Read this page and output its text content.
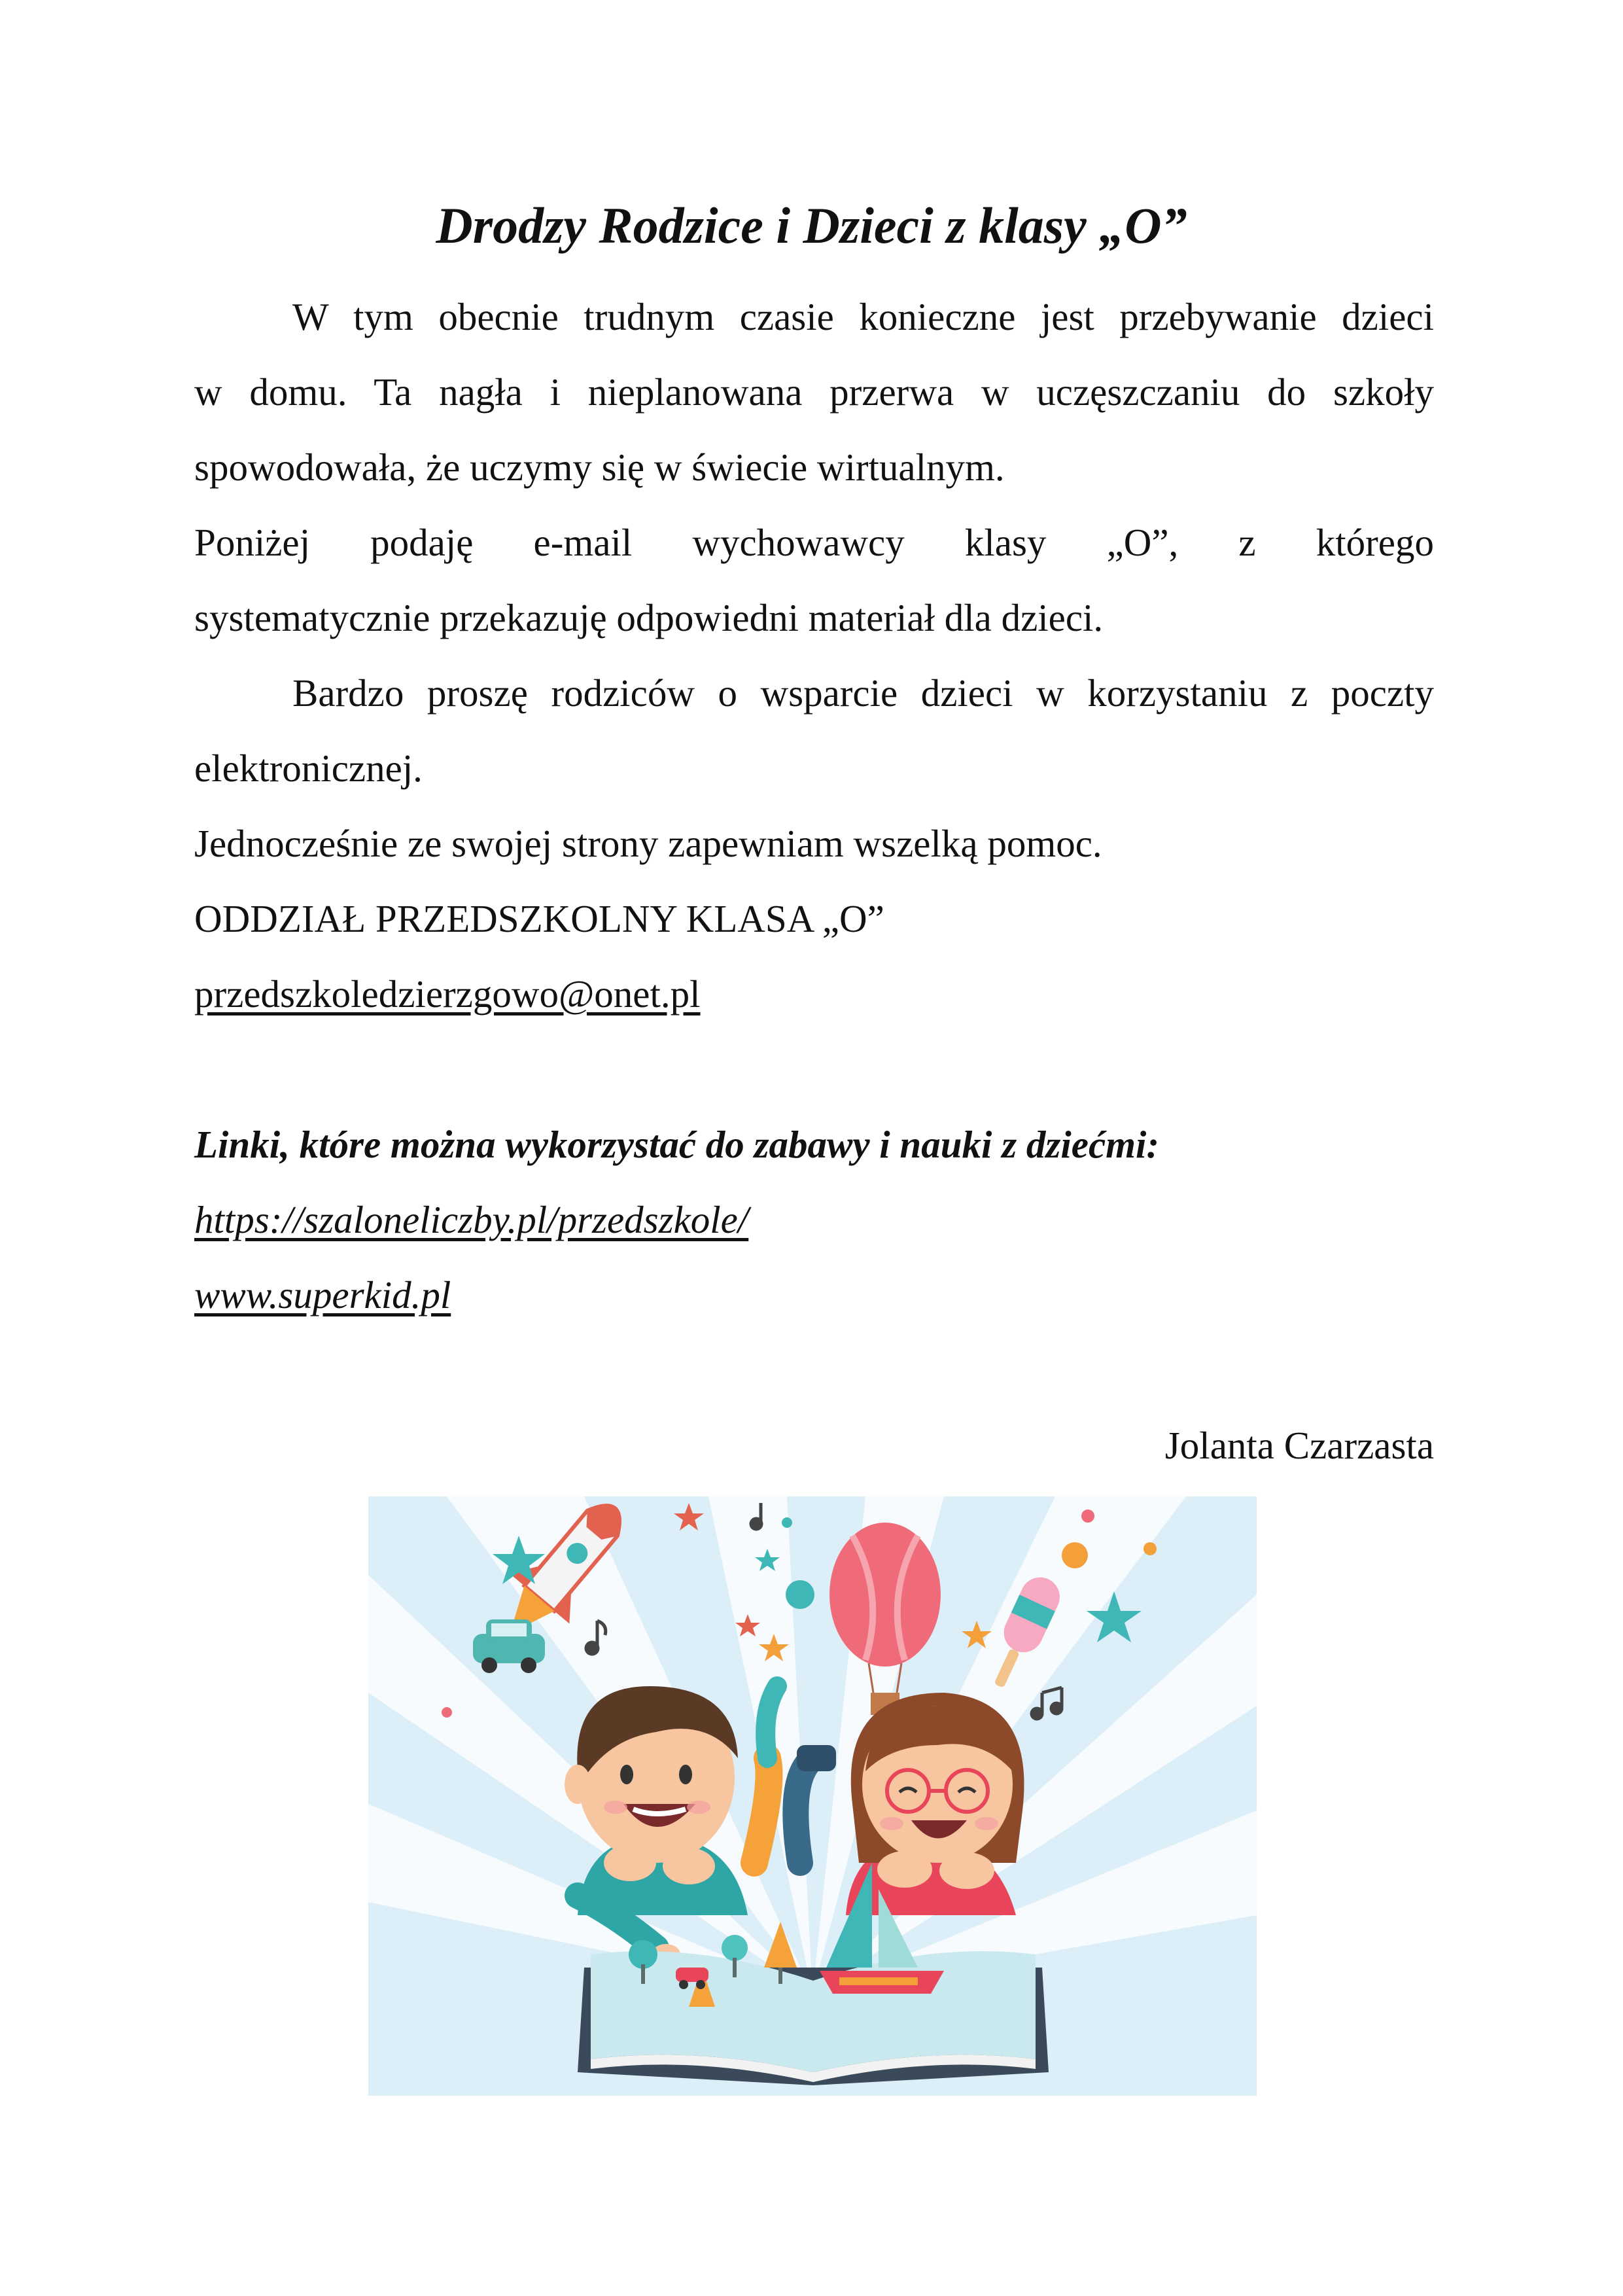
Drodzy Rodzice i Dzieci z klasy „O”

W tym obecnie trudnym czasie konieczne jest przebywanie dzieci

w domu. Ta nagła i nieplanowana przerwa w uczęszczaniu do szkoły

spowodowała, że uczymy się w świecie wirtualnym.

Poniżej podaję e-mail wychowawcy klasy „O”, z którego

systematycznie przekazuję odpowiedni materiał dla dzieci.

Bardzo proszę rodziców o wsparcie dzieci w korzystaniu z poczty

elektronicznej.

Jednocześnie ze swojej strony zapewniam wszelką pomoc.

ODDZIAŁ PRZEDSZKOLNY KLASA „O”

przedszkoledzierzgowo@onet.pl

Linki, które można wykorzystać do zabawy i nauki z dziećmi:

https://szaloneliczby.pl/przedszkole/

www.superkid.pl

Jolanta Czarzasta
